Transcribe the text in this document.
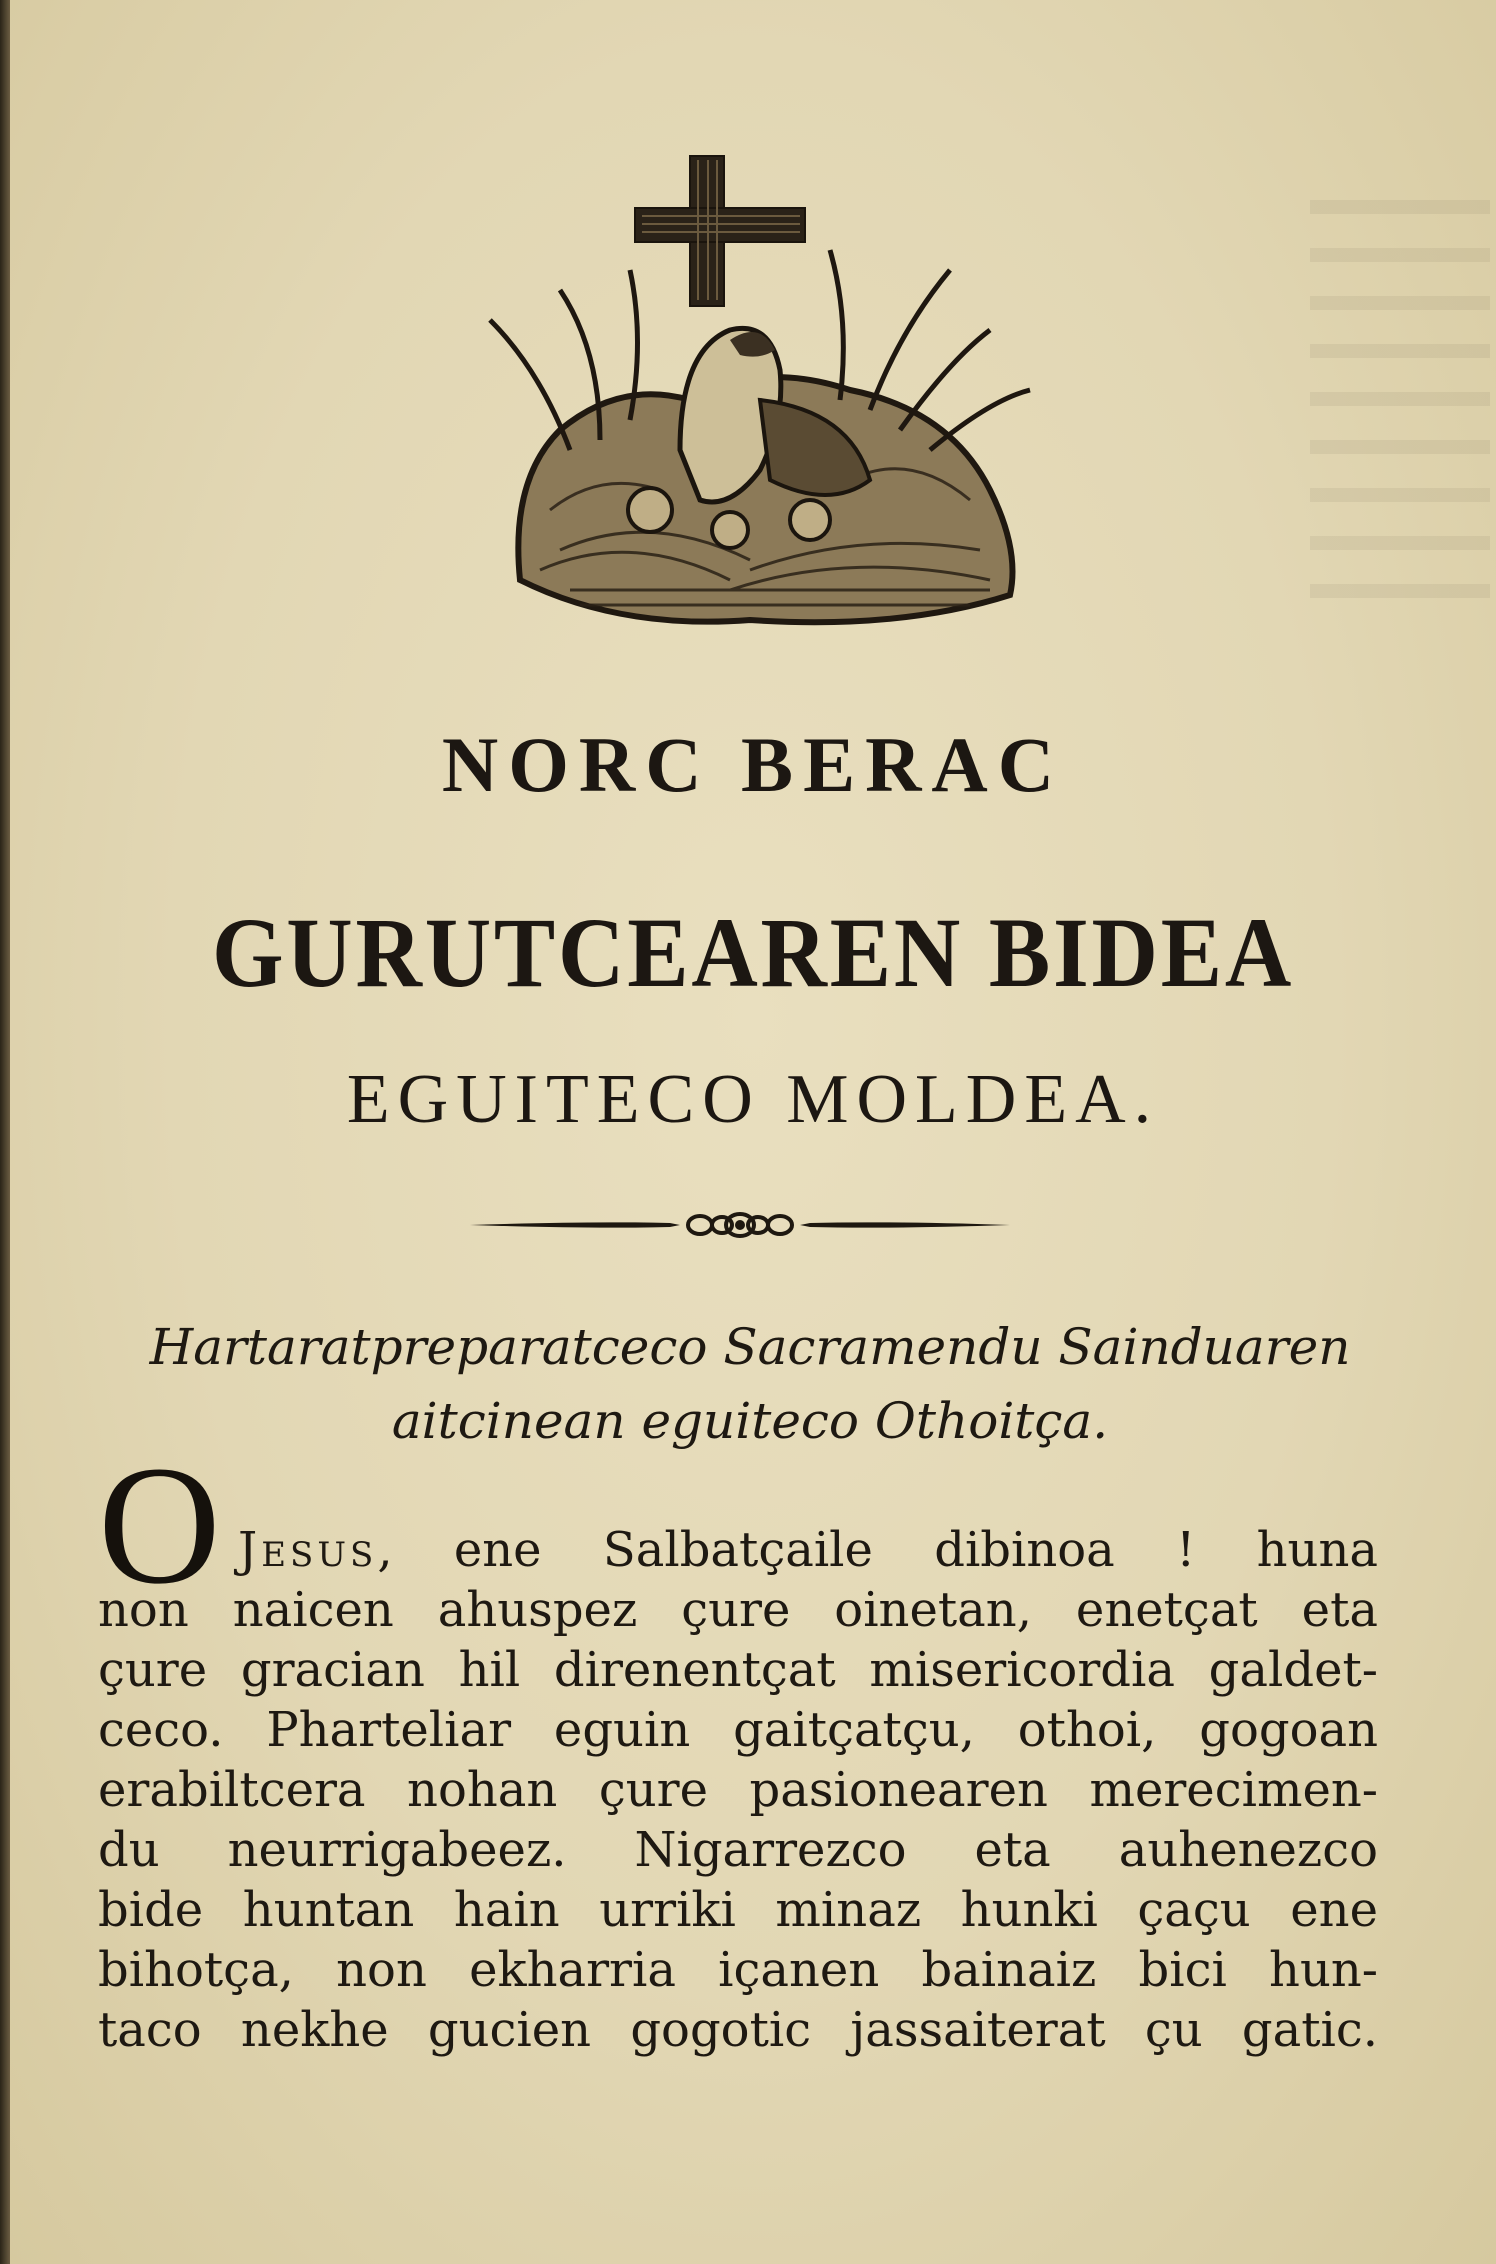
NORC BERAC
GURUTCEAREN BIDEA
EGUITECO MOLDEA.
Hartaratpreparatceco Sacramendu Sainduaren
aitcinean eguiteco Othoitça.
O Jesus, ene Salbatçaile dibinoa ! huna
non naicen ahuspez çure oinetan, enetçat eta
çure gracian hil direnentçat misericordia galdet-
ceco. Pharteliar eguin gaitçatçu, othoi, gogoan
erabiltcera nohan çure pasionearen merecimen-
du neurrigabeez. Nigarrezco eta auhenezco
bide huntan hain urriki minaz hunki çaçu ene
bihotça, non ekharria içanen bainaiz bici hun-
taco nekhe gucien gogotic jassaiterat çu gatic.
